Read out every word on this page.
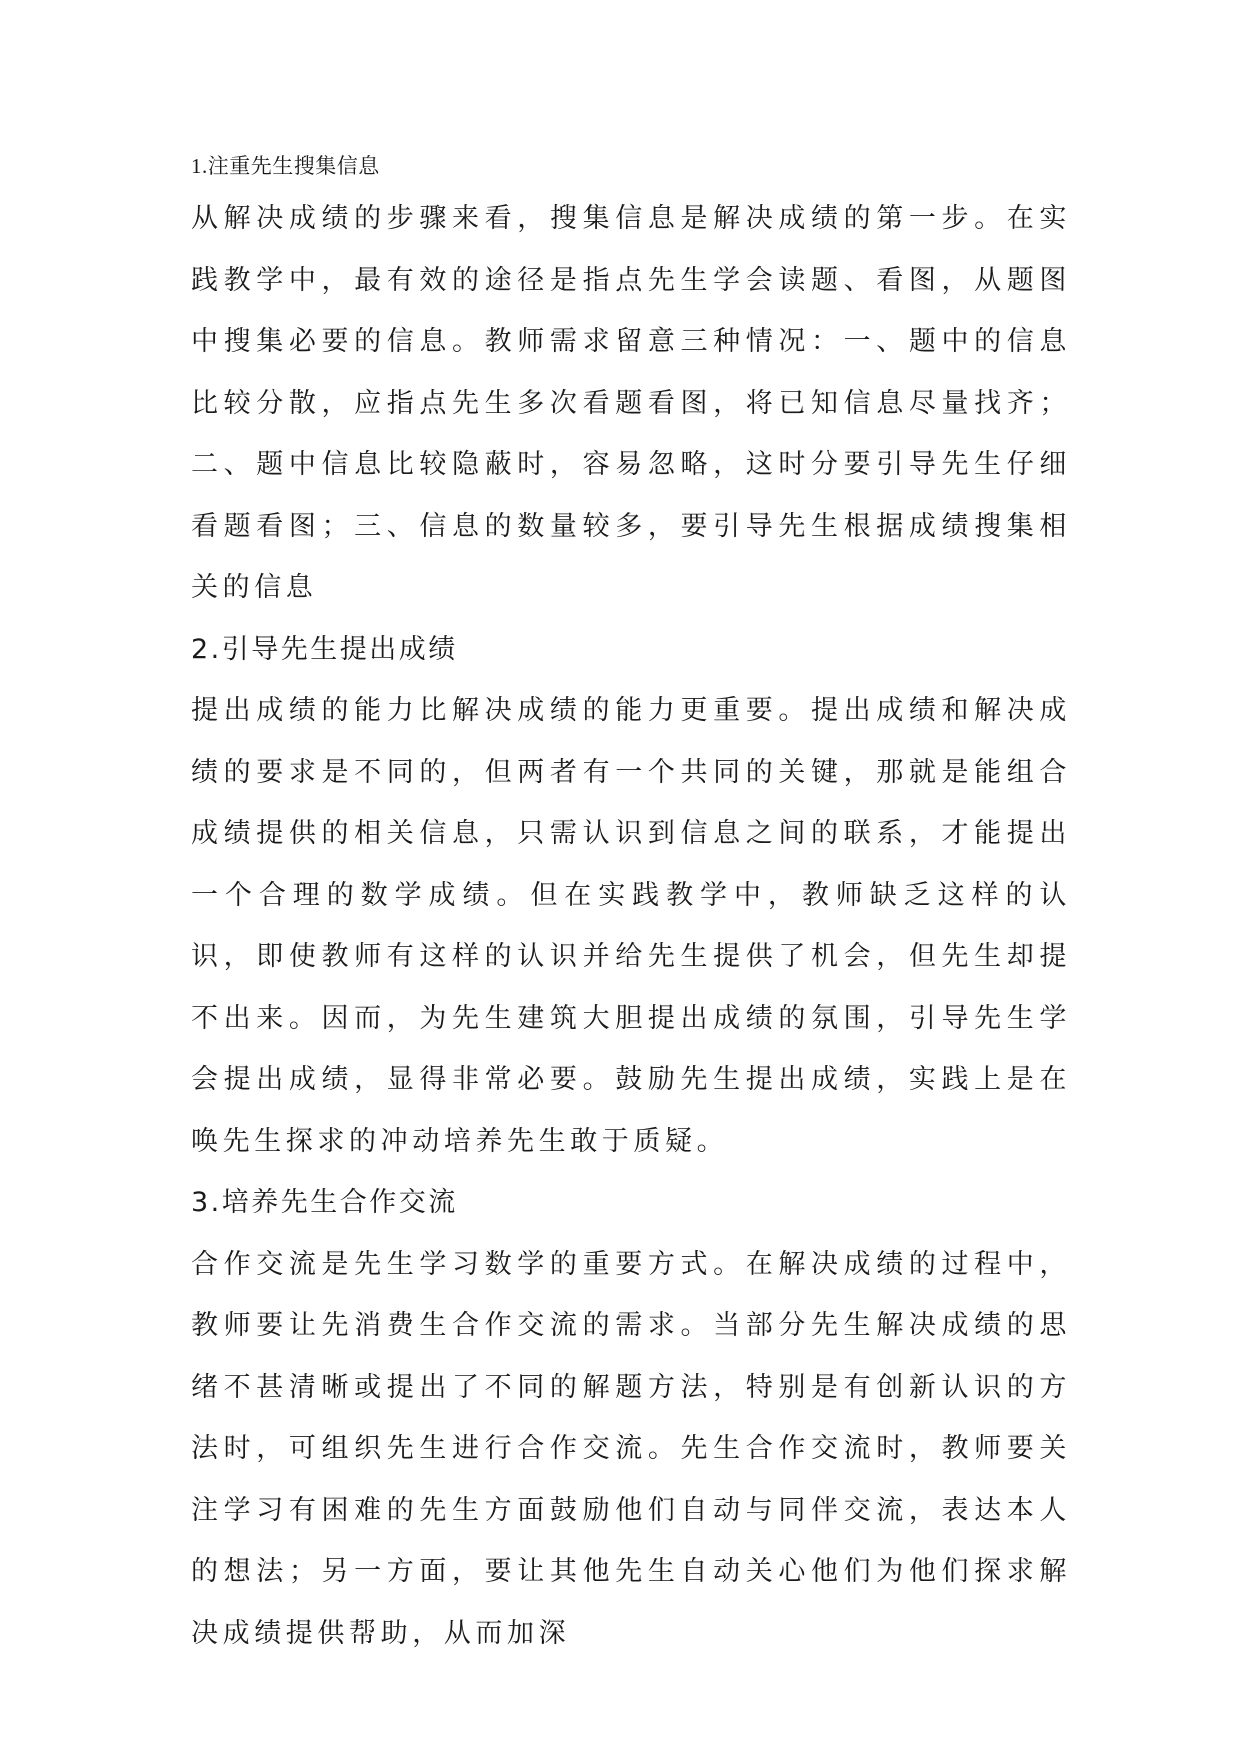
1.注重先生搜集信息

从解决成绩的步骤来看，搜集信息是解决成绩的第一步。在实践教学中，最有效的途径是指点先生学会读题、看图，从题图中搜集必要的信息。教师需求留意三种情况：一、题中的信息比较分散，应指点先生多次看题看图，将已知信息尽量找齐；二、题中信息比较隐蔽时，容易忽略，这时分要引导先生仔细看题看图；三、信息的数量较多，要引导先生根据成绩搜集相关的信息

2.引导先生提出成绩

提出成绩的能力比解决成绩的能力更重要。提出成绩和解决成绩的要求是不同的，但两者有一个共同的关键，那就是能组合成绩提供的相关信息，只需认识到信息之间的联系，才能提出一个合理的数学成绩。但在实践教学中，教师缺乏这样的认识，即使教师有这样的认识并给先生提供了机会，但先生却提不出来。因而，为先生建筑大胆提出成绩的氛围，引导先生学会提出成绩，显得非常必要。鼓励先生提出成绩，实践上是在唤先生探求的冲动培养先生敢于质疑。

3.培养先生合作交流

合作交流是先生学习数学的重要方式。在解决成绩的过程中，教师要让先消费生合作交流的需求。当部分先生解决成绩的思绪不甚清晰或提出了不同的解题方法，特别是有创新认识的方法时，可组织先生进行合作交流。先生合作交流时，教师要关注学习有困难的先生方面鼓励他们自动与同伴交流，表达本人的想法；另一方面，要让其他先生自动关心他们为他们探求解决成绩提供帮助，从而加深
